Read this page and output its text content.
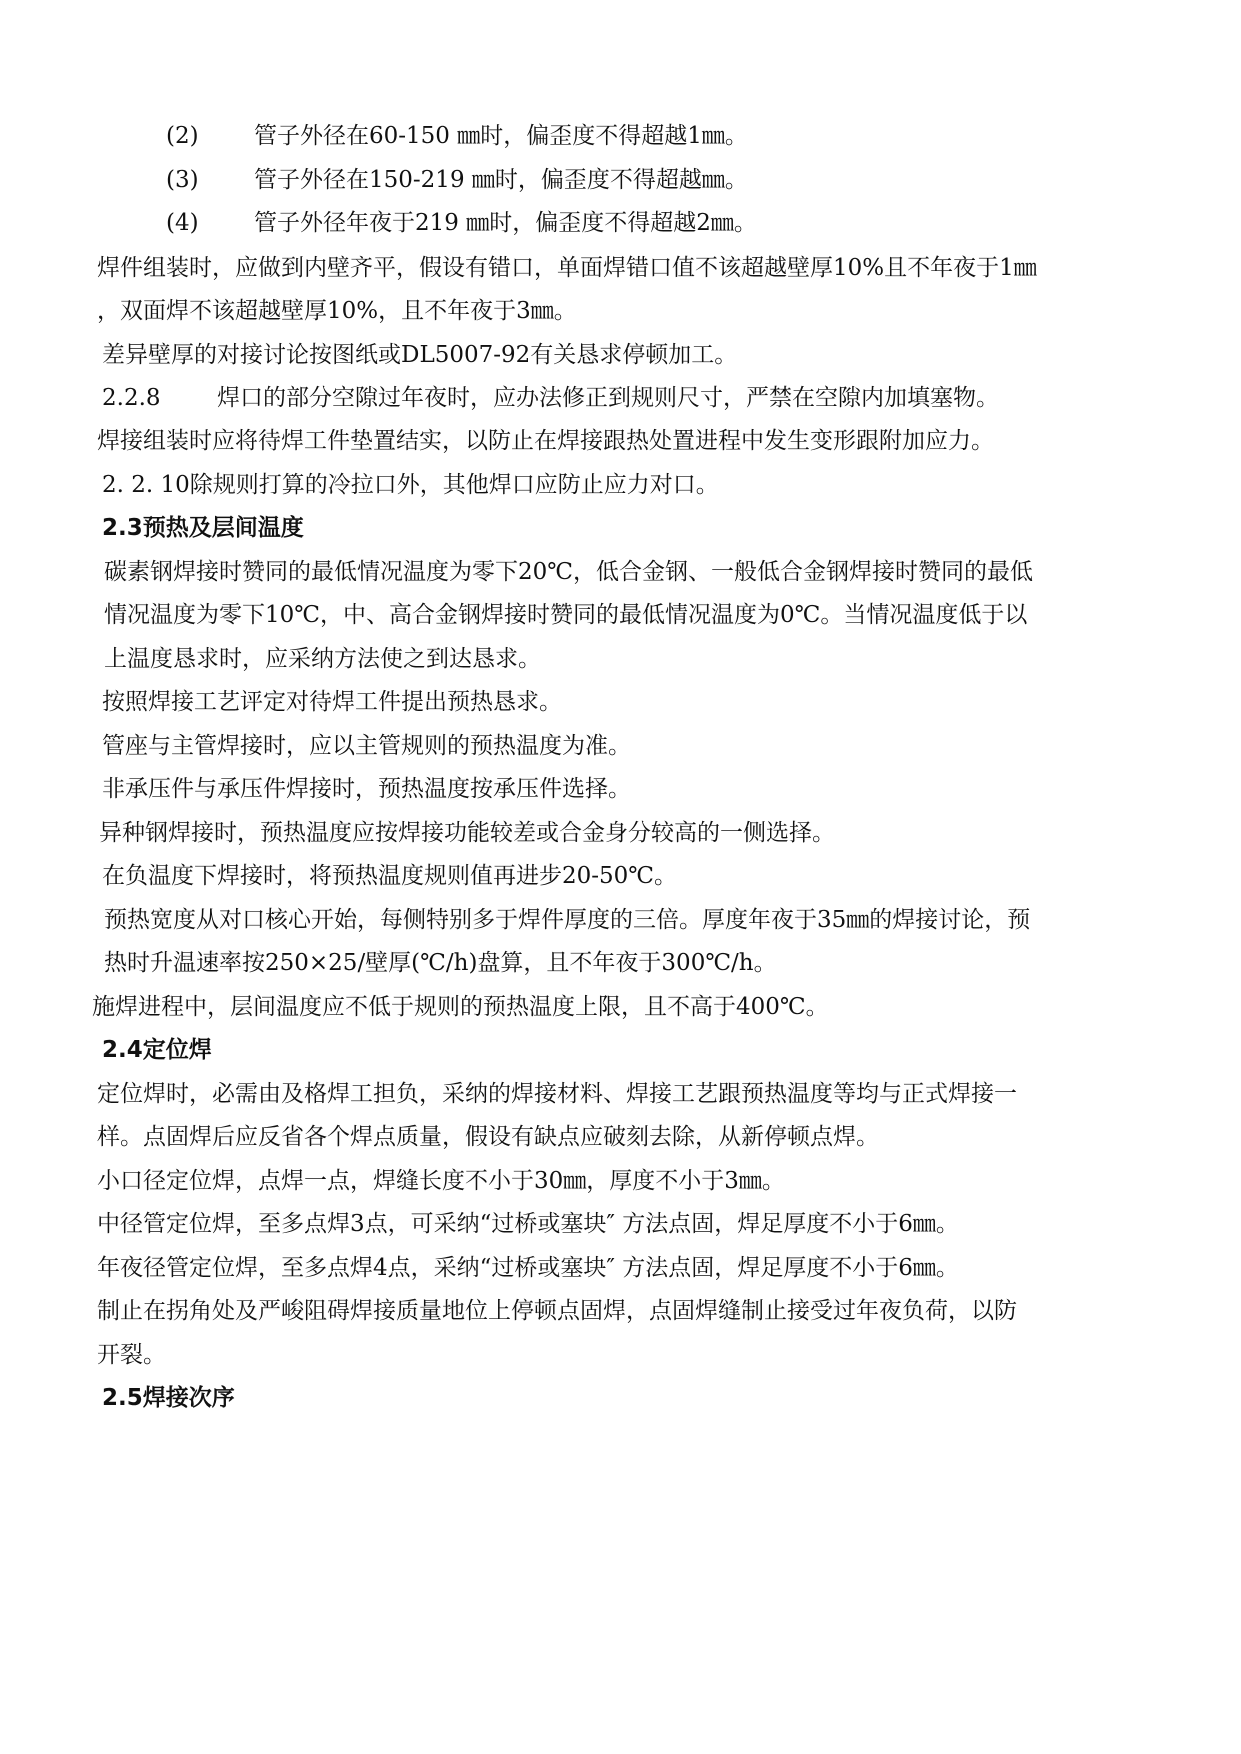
(2) 管子外径在60-150 ㎜时，偏歪度不得超越1㎜。
(3) 管子外径在150-219 ㎜时，偏歪度不得超越㎜。
(4) 管子外径年夜于219 ㎜时，偏歪度不得超越2㎜。
焊件组装时，应做到内壁齐平，假设有错口，单面焊错口值不该超越壁厚10%且不年夜于1㎜
，双面焊不该超越壁厚10%，且不年夜于3㎜。
差异壁厚的对接讨论按图纸或DL5007-92有关恳求停顿加工。
2.2.8 焊口的部分空隙过年夜时，应办法修正到规则尺寸，严禁在空隙内加填塞物。
焊接组装时应将待焊工件垫置结实，以防止在焊接跟热处置进程中发生变形跟附加应力。
2. 2. 10除规则打算的冷拉口外，其他焊口应防止应力对口。
2.3预热及层间温度
碳素钢焊接时赞同的最低情况温度为零下20℃，低合金钢、一般低合金钢焊接时赞同的最低
情况温度为零下10℃，中、高合金钢焊接时赞同的最低情况温度为0℃。当情况温度低于以
上温度恳求时，应采纳方法使之到达恳求。
按照焊接工艺评定对待焊工件提出预热恳求。
管座与主管焊接时，应以主管规则的预热温度为准。
非承压件与承压件焊接时，预热温度按承压件选择。
异种钢焊接时，预热温度应按焊接功能较差或合金身分较高的一侧选择。
在负温度下焊接时，将预热温度规则值再进步20-50℃。
预热宽度从对口核心开始，每侧特别多于焊件厚度的三倍。厚度年夜于35㎜的焊接讨论，预
热时升温速率按250×25/壁厚(℃/h)盘算，且不年夜于300℃/h。
施焊进程中，层间温度应不低于规则的预热温度上限，且不高于400℃。
2.4定位焊
定位焊时，必需由及格焊工担负，采纳的焊接材料、焊接工艺跟预热温度等均与正式焊接一
样。点固焊后应反省各个焊点质量，假设有缺点应破刻去除，从新停顿点焊。
小口径定位焊，点焊一点，焊缝长度不小于30㎜，厚度不小于3㎜。
中径管定位焊，至多点焊3点，可采纳“过桥或塞块″ 方法点固，焊足厚度不小于6㎜。
年夜径管定位焊，至多点焊4点，采纳“过桥或塞块″ 方法点固，焊足厚度不小于6㎜。
制止在拐角处及严峻阻碍焊接质量地位上停顿点固焊，点固焊缝制止接受过年夜负荷，以防
开裂。
2.5焊接次序
